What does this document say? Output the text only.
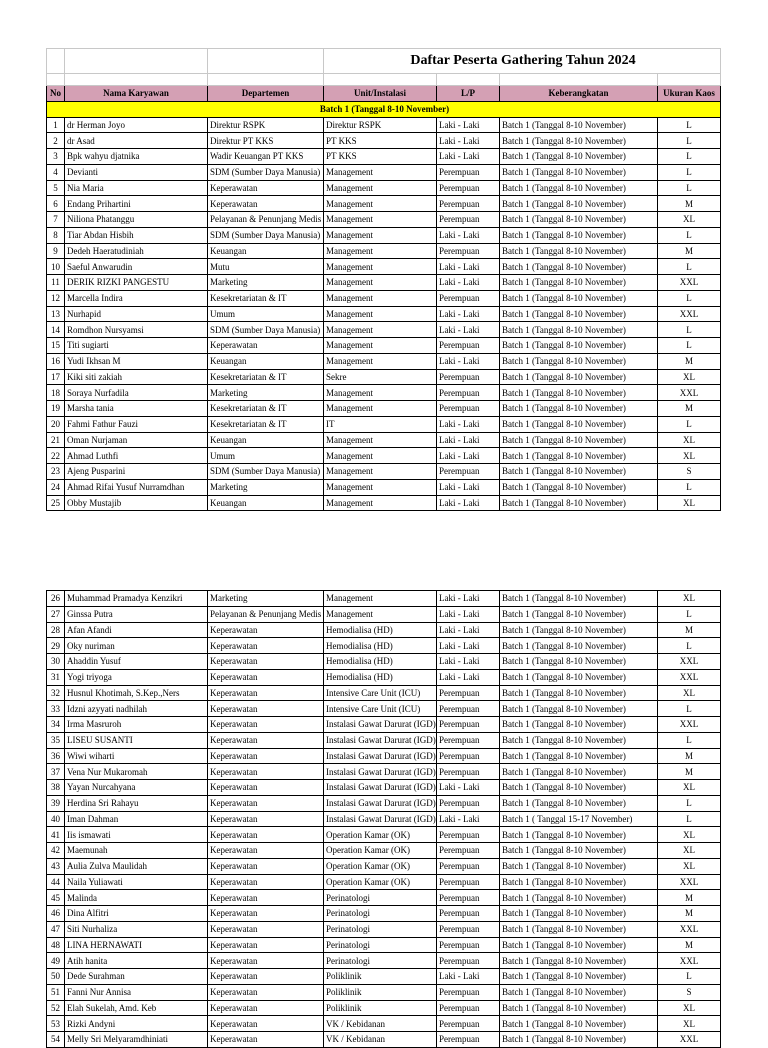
			Daftar Peserta Gathering Tahun 2024			

No	Nama Karyawan	Departemen	Unit/Instalasi	L/P	Keberangkatan	Ukuran Kaos
Batch 1 (Tanggal 8-10 November)						
1	dr Herman Joyo	Direktur RSPK	Direktur RSPK	Laki - Laki	Batch 1 (Tanggal 8-10 November)	L
2	dr Asad	Direktur PT KKS	PT KKS	Laki - Laki	Batch 1 (Tanggal 8-10 November)	L
3	Bpk wahyu djatnika	Wadir Keuangan PT KKS	PT KKS	Laki - Laki	Batch 1 (Tanggal 8-10 November)	L
4	Devianti	SDM (Sumber Daya Manusia)	Management	Perempuan	Batch 1 (Tanggal 8-10 November)	L
5	Nia Maria	Keperawatan	Management	Perempuan	Batch 1 (Tanggal 8-10 November)	L
6	Endang Prihartini	Keperawatan	Management	Perempuan	Batch 1 (Tanggal 8-10 November)	M
7	Niliona Phatanggu	Pelayanan & Penunjang Medis	Management	Perempuan	Batch 1 (Tanggal 8-10 November)	XL
8	Tiar Abdan Hisbih	SDM (Sumber Daya Manusia)	Management	Laki - Laki	Batch 1 (Tanggal 8-10 November)	L
9	Dedeh Haeratudiniah	Keuangan	Management	Perempuan	Batch 1 (Tanggal 8-10 November)	M
10	Saeful Anwarudin	Mutu	Management	Laki - Laki	Batch 1 (Tanggal 8-10 November)	L
11	DERIK RIZKI PANGESTU	Marketing	Management	Laki - Laki	Batch 1 (Tanggal 8-10 November)	XXL
12	Marcella Indira	Kesekretariatan & IT	Management	Perempuan	Batch 1 (Tanggal 8-10 November)	L
13	Nurhapid	Umum	Management	Laki - Laki	Batch 1 (Tanggal 8-10 November)	XXL
14	Romdhon Nursyamsi	SDM (Sumber Daya Manusia)	Management	Laki - Laki	Batch 1 (Tanggal 8-10 November)	L
15	Titi sugiarti	Keperawatan	Management	Perempuan	Batch 1 (Tanggal 8-10 November)	L
16	Yudi Ikhsan M	Keuangan	Management	Laki - Laki	Batch 1 (Tanggal 8-10 November)	M
17	Kiki siti zakiah	Kesekretariatan & IT	Sekre	Perempuan	Batch 1 (Tanggal 8-10 November)	XL
18	Soraya Nurfadila	Marketing	Management	Perempuan	Batch 1 (Tanggal 8-10 November)	XXL
19	Marsha tania	Kesekretariatan & IT	Management	Perempuan	Batch 1 (Tanggal 8-10 November)	M
20	Fahmi Fathur Fauzi	Kesekretariatan & IT	IT	Laki - Laki	Batch 1 (Tanggal 8-10 November)	L
21	Oman Nurjaman	Keuangan	Management	Laki - Laki	Batch 1 (Tanggal 8-10 November)	XL
22	Ahmad Luthfi	Umum	Management	Laki - Laki	Batch 1 (Tanggal 8-10 November)	XL
23	Ajeng Pusparini	SDM (Sumber Daya Manusia)	Management	Perempuan	Batch 1 (Tanggal 8-10 November)	S
24	Ahmad Rifai Yusuf Nurramdhan	Marketing	Management	Laki - Laki	Batch 1 (Tanggal 8-10 November)	L
25	Obby Mustajib	Keuangan	Management	Laki - Laki	Batch 1 (Tanggal 8-10 November)	XL
26	Muhammad Pramadya Kenzikri	Marketing	Management	Laki - Laki	Batch 1 (Tanggal 8-10 November)	XL
27	Ginssa Putra	Pelayanan & Penunjang Medis	Management	Laki - Laki	Batch 1 (Tanggal 8-10 November)	L
28	Afan Afandi	Keperawatan	Hemodialisa (HD)	Laki - Laki	Batch 1 (Tanggal 8-10 November)	M
29	Oky nuriman	Keperawatan	Hemodialisa (HD)	Laki - Laki	Batch 1 (Tanggal 8-10 November)	L
30	Ahaddin Yusuf	Keperawatan	Hemodialisa (HD)	Laki - Laki	Batch 1 (Tanggal 8-10 November)	XXL
31	Yogi triyoga	Keperawatan	Hemodialisa (HD)	Laki - Laki	Batch 1 (Tanggal 8-10 November)	XXL
32	Husnul Khotimah, S.Kep.,Ners	Keperawatan	Intensive Care Unit (ICU)	Perempuan	Batch 1 (Tanggal 8-10 November)	XL
33	Idzni azyyati nadhilah	Keperawatan	Intensive Care Unit (ICU)	Perempuan	Batch 1 (Tanggal 8-10 November)	L
34	Irma Masruroh	Keperawatan	Instalasi Gawat Darurat (IGD)	Perempuan	Batch 1 (Tanggal 8-10 November)	XXL
35	LISEU SUSANTI	Keperawatan	Instalasi Gawat Darurat (IGD)	Perempuan	Batch 1 (Tanggal 8-10 November)	L
36	Wiwi wiharti	Keperawatan	Instalasi Gawat Darurat (IGD)	Perempuan	Batch 1 (Tanggal 8-10 November)	M
37	Vena Nur Mukaromah	Keperawatan	Instalasi Gawat Darurat (IGD)	Perempuan	Batch 1 (Tanggal 8-10 November)	M
38	Yayan Nurcahyana	Keperawatan	Instalasi Gawat Darurat (IGD)	Laki - Laki	Batch 1 (Tanggal 8-10 November)	XL
39	Herdina Sri Rahayu	Keperawatan	Instalasi Gawat Darurat (IGD)	Perempuan	Batch 1 (Tanggal 8-10 November)	L
40	Iman Dahman	Keperawatan	Instalasi Gawat Darurat (IGD)	Laki - Laki	Batch 1 ( Tanggal 15-17 November)	L
41	Iis ismawati	Keperawatan	Operation Kamar (OK)	Perempuan	Batch 1 (Tanggal 8-10 November)	XL
42	Maemunah	Keperawatan	Operation Kamar (OK)	Perempuan	Batch 1 (Tanggal 8-10 November)	XL
43	Aulia Zulva Maulidah	Keperawatan	Operation Kamar (OK)	Perempuan	Batch 1 (Tanggal 8-10 November)	XL
44	Naila Yuliawati	Keperawatan	Operation Kamar (OK)	Perempuan	Batch 1 (Tanggal 8-10 November)	XXL
45	Malinda	Keperawatan	Perinatologi	Perempuan	Batch 1 (Tanggal 8-10 November)	M
46	Dina Alfitri	Keperawatan	Perinatologi	Perempuan	Batch 1 (Tanggal 8-10 November)	M
47	Siti Nurhaliza	Keperawatan	Perinatologi	Perempuan	Batch 1 (Tanggal 8-10 November)	XXL
48	LINA HERNAWATI	Keperawatan	Perinatologi	Perempuan	Batch 1 (Tanggal 8-10 November)	M
49	Atih hanita	Keperawatan	Perinatologi	Perempuan	Batch 1 (Tanggal 8-10 November)	XXL
50	Dede Surahman	Keperawatan	Poliklinik	Laki - Laki	Batch 1 (Tanggal 8-10 November)	L
51	Fanni Nur Annisa	Keperawatan	Poliklinik	Perempuan	Batch 1 (Tanggal 8-10 November)	S
52	Elah Sukelah, Amd. Keb	Keperawatan	Poliklinik	Perempuan	Batch 1 (Tanggal 8-10 November)	XL
53	Rizki Andyni	Keperawatan	VK / Kebidanan	Perempuan	Batch 1 (Tanggal 8-10 November)	XL
54	Melly Sri Melyaramdhiniati	Keperawatan	VK / Kebidanan	Perempuan	Batch 1 (Tanggal 8-10 November)	XXL
